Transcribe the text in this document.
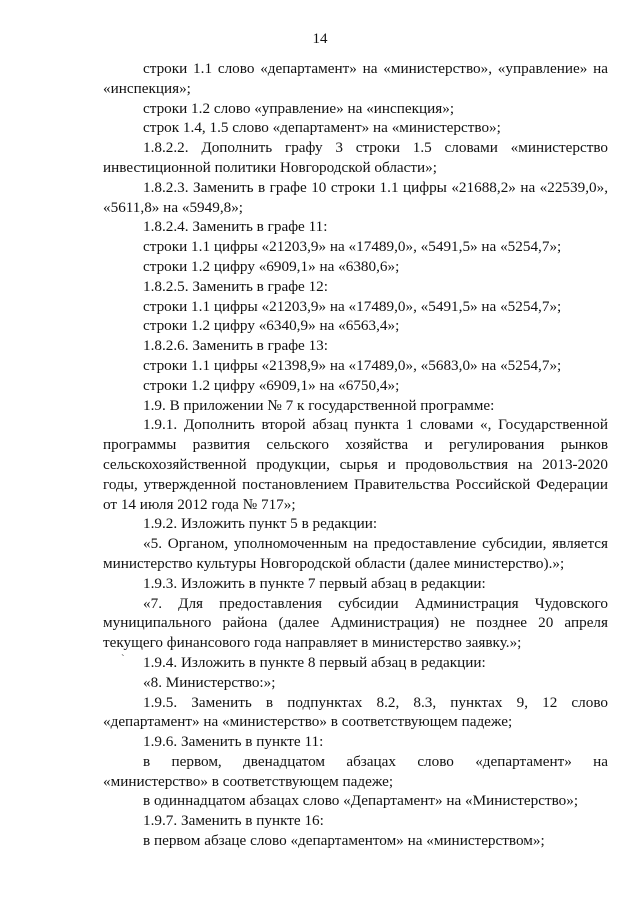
14
`

строки 1.1 слово «департамент» на «министерство», «управление» на «инспекция»;

строки 1.2 слово «управление» на «инспекция»;

строк 1.4, 1.5 слово «департамент» на «министерство»;

1.8.2.2. Дополнить графу 3 строки 1.5 словами «министерство инвестиционной политики Новгородской области»;

1.8.2.3. Заменить в графе 10 строки 1.1 цифры «21688,2» на «22539,0», «5611,8» на «5949,8»;

1.8.2.4. Заменить в графе 11:

строки 1.1 цифры «21203,9» на «17489,0», «5491,5» на «5254,7»;

строки 1.2 цифру «6909,1» на «6380,6»;

1.8.2.5. Заменить в графе 12:

строки 1.1 цифры «21203,9» на «17489,0», «5491,5» на «5254,7»;

строки 1.2 цифру «6340,9» на «6563,4»;

1.8.2.6. Заменить в графе 13:

строки 1.1 цифры «21398,9» на «17489,0», «5683,0» на «5254,7»;

строки 1.2 цифру «6909,1» на «6750,4»;

1.9. В приложении № 7 к государственной программе:

1.9.1. Дополнить второй абзац пункта 1 словами «, Государственной программы развития сельского хозяйства и регулирования рынков сельскохозяйственной продукции, сырья и продовольствия на 2013-2020 годы, утвержденной постановлением Правительства Российской Федерации от 14 июля 2012 года № 717»;

1.9.2. Изложить пункт 5 в редакции:

«5. Органом, уполномоченным на предоставление субсидии, является министерство культуры Новгородской области (далее министерство).»;

1.9.3. Изложить в пункте 7 первый абзац в редакции:

«7. Для предоставления субсидии Администрация Чудовского муниципального района (далее Администрация) не позднее 20 апреля текущего финансового года направляет в министерство заявку.»;

1.9.4. Изложить в пункте 8 первый абзац в редакции:

«8. Министерство:»;

1.9.5. Заменить в подпунктах 8.2, 8.3, пунктах 9, 12 слово «департамент» на «министерство» в соответствующем падеже;

1.9.6. Заменить в пункте 11:

в первом, двенадцатом абзацах слово «департамент» на «министерство» в соответствующем падеже;

в одиннадцатом абзацах слово «Департамент» на «Министерство»;

1.9.7. Заменить в пункте 16:

в первом абзаце слово «департаментом» на «министерством»;
